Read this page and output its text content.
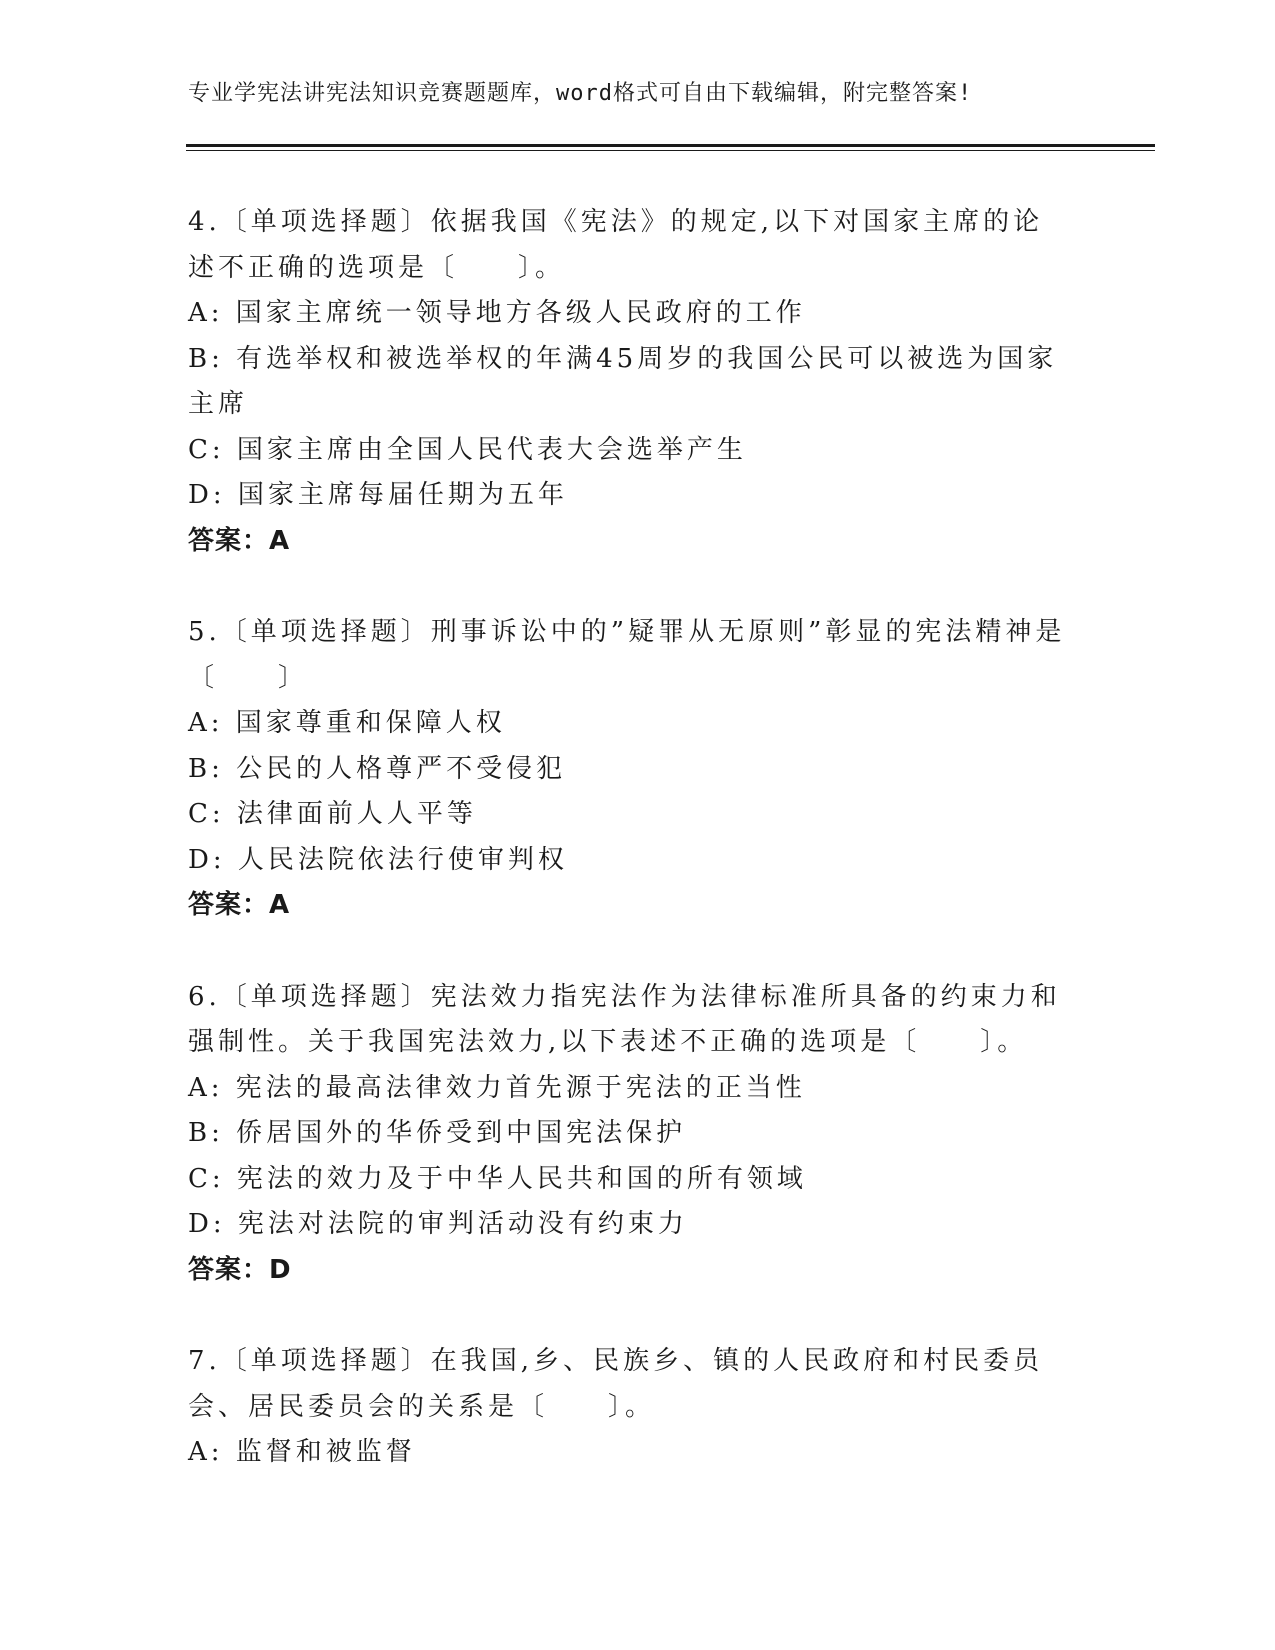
专业学宪法讲宪法知识竞赛题题库，word格式可自由下载编辑，附完整答案!

4.〔单项选择题〕依据我国《宪法》的规定,以下对国家主席的论述不正确的选项是〔　　〕。

A: 国家主席统一领导地方各级人民政府的工作

B: 有选举权和被选举权的年满45周岁的我国公民可以被选为国家主席

C: 国家主席由全国人民代表大会选举产生

D: 国家主席每届任期为五年

答案：A

5.〔单项选择题〕刑事诉讼中的”疑罪从无原则”彰显的宪法精神是〔　　〕

A: 国家尊重和保障人权

B: 公民的人格尊严不受侵犯

C: 法律面前人人平等

D: 人民法院依法行使审判权

答案：A

6.〔单项选择题〕宪法效力指宪法作为法律标准所具备的约束力和强制性。关于我国宪法效力,以下表述不正确的选项是〔　　〕。

A: 宪法的最高法律效力首先源于宪法的正当性

B: 侨居国外的华侨受到中国宪法保护

C: 宪法的效力及于中华人民共和国的所有领域

D: 宪法对法院的审判活动没有约束力

答案：D

7.〔单项选择题〕在我国,乡、民族乡、镇的人民政府和村民委员会、居民委员会的关系是〔　　〕。

A: 监督和被监督
